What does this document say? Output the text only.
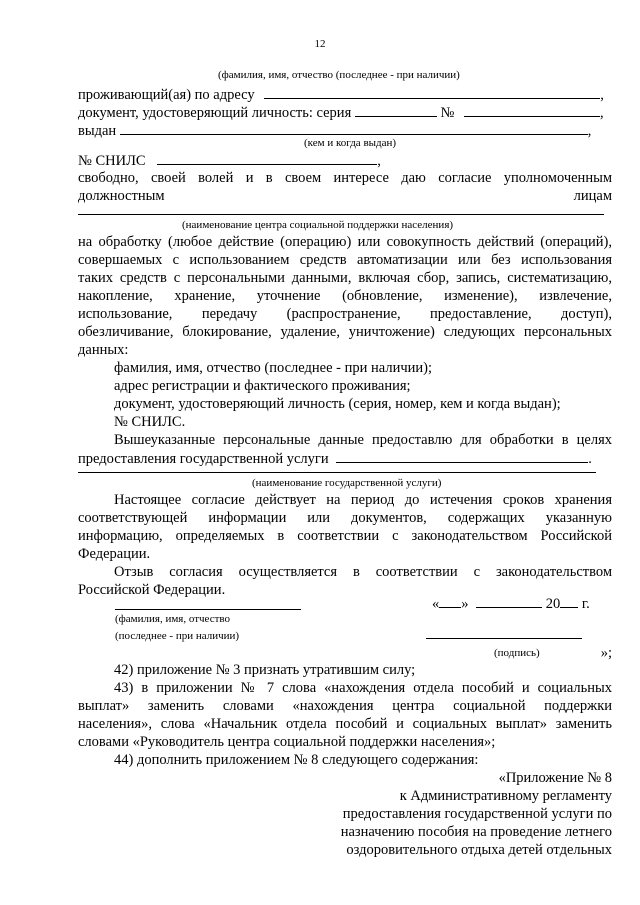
12
(фамилия, имя, отчество (последнее - при наличии)
проживающий(ая) по адресу	,
документ, удостоверяющий личность: серия	№	,
выдан	,
(кем и когда выдан)
№ СНИЛС	,
свободно, своей волей и в своем интересе даю согласие уполномоченным
должностным	лицам
(наименование центра социальной поддержки населения)
на обработку (любое действие (операцию) или совокупность действий (операций),
совершаемых с использованием средств автоматизации или без использования
таких средств с персональными данными, включая сбор, запись, систематизацию,
накопление, хранение, уточнение (обновление, изменение), извлечение,
использование, передачу (распространение, предоставление, доступ),
обезличивание, блокирование, удаление, уничтожение) следующих персональных
данных:
фамилия, имя, отчество (последнее - при наличии);
адрес регистрации и фактического проживания;
документ, удостоверяющий личность (серия, номер, кем и когда выдан);
№ СНИЛС.
Вышеуказанные персональные данные предоставлю для обработки в целях
предоставления государственной услуги	.
(наименование государственной услуги)
Настоящее согласие действует на период до истечения сроков хранения
соответствующей информации или документов, содержащих указанную
информацию, определяемых в соответствии с законодательством Российской
Федерации.
Отзыв согласия осуществляется в соответствии с законодательством
Российской Федерации.
« »	20 г.
(фамилия, имя, отчество
(последнее - при наличии)
(подпись)	»;
42) приложение № 3 признать утратившим силу;
43) в приложении № 7 слова «нахождения отдела пособий и социальных
выплат» заменить словами «нахождения центра социальной поддержки
населения», слова «Начальник отдела пособий и социальных выплат» заменить
словами «Руководитель центра социальной поддержки населения»;
44) дополнить приложением № 8 следующего содержания:
«Приложение № 8
к Административному регламенту
предоставления государственной услуги по
назначению пособия на проведение летнего
оздоровительного отдыха детей отдельных
